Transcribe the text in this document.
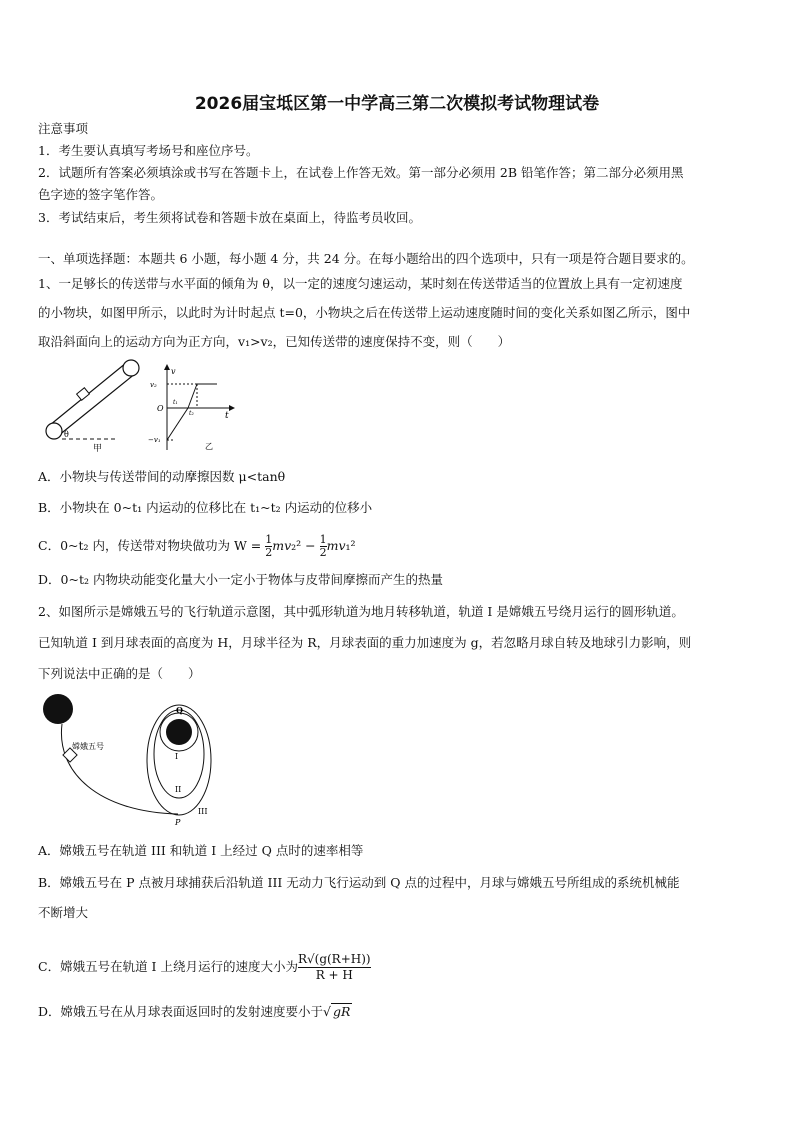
2026届宝坻区第一中学高三第二次模拟考试物理试卷
注意事项
1．考生要认真填写考场号和座位序号。
2．试题所有答案必须填涂或书写在答题卡上，在试卷上作答无效。第一部分必须用 2B 铅笔作答；第二部分必须用黑
色字迹的签字笔作答。
3．考试结束后，考生须将试卷和答题卡放在桌面上，待监考员收回。
一、单项选择题：本题共 6 小题，每小题 4 分，共 24 分。在每小题给出的四个选项中，只有一项是符合题目要求的。
1、一足够长的传送带与水平面的倾角为 θ，以一定的速度匀速运动，某时刻在传送带适当的位置放上具有一定初速度
的小物块，如图甲所示，以此时为计时起点 t=0，小物块之后在传送带上运动速度随时间的变化关系如图乙所示，图中
取沿斜面向上的运动方向为正方向，v₁>v₂，已知传送带的速度保持不变，则（　　）
θ
甲
v
v₂
O
t₁
t₂	t
−v₁
乙
A．小物块与传送带间的动摩擦因数 μ<tanθ
B．小物块在 0~t₁ 内运动的位移比在 t₁~t₂ 内运动的位移小
C．0~t₂ 内，传送带对物块做功为 $W = \frac{1}{2} mv_2^2 - \frac{1}{2} mv_1^2$
D．0~t₂ 内物块动能变化量大小一定小于物体与皮带间摩擦而产生的热量
2、如图所示是嫦娥五号的飞行轨道示意图，其中弧形轨道为地月转移轨道，轨道 I 是嫦娥五号绕月运行的圆形轨道。
已知轨道 I 到月球表面的高度为 H，月球半径为 R，月球表面的重力加速度为 g，若忽略月球自转及地球引力影响，则
下列说法中正确的是（　　）
嫦娥五号
Q
I
II
III
P
A．嫦娥五号在轨道 III 和轨道 I 上经过 Q 点时的速率相等
B．嫦娥五号在 P 点被月球捕获后沿轨道 III 无动力飞行运动到 Q 点的过程中，月球与嫦娥五号所组成的系统机械能
不断增大
C．嫦娥五号在轨道 I 上绕月运行的速度大小为 $\frac{R√(g(R+H))}{R + H}$
D．嫦娥五号在从月球表面返回时的发射速度要小于√ gR
